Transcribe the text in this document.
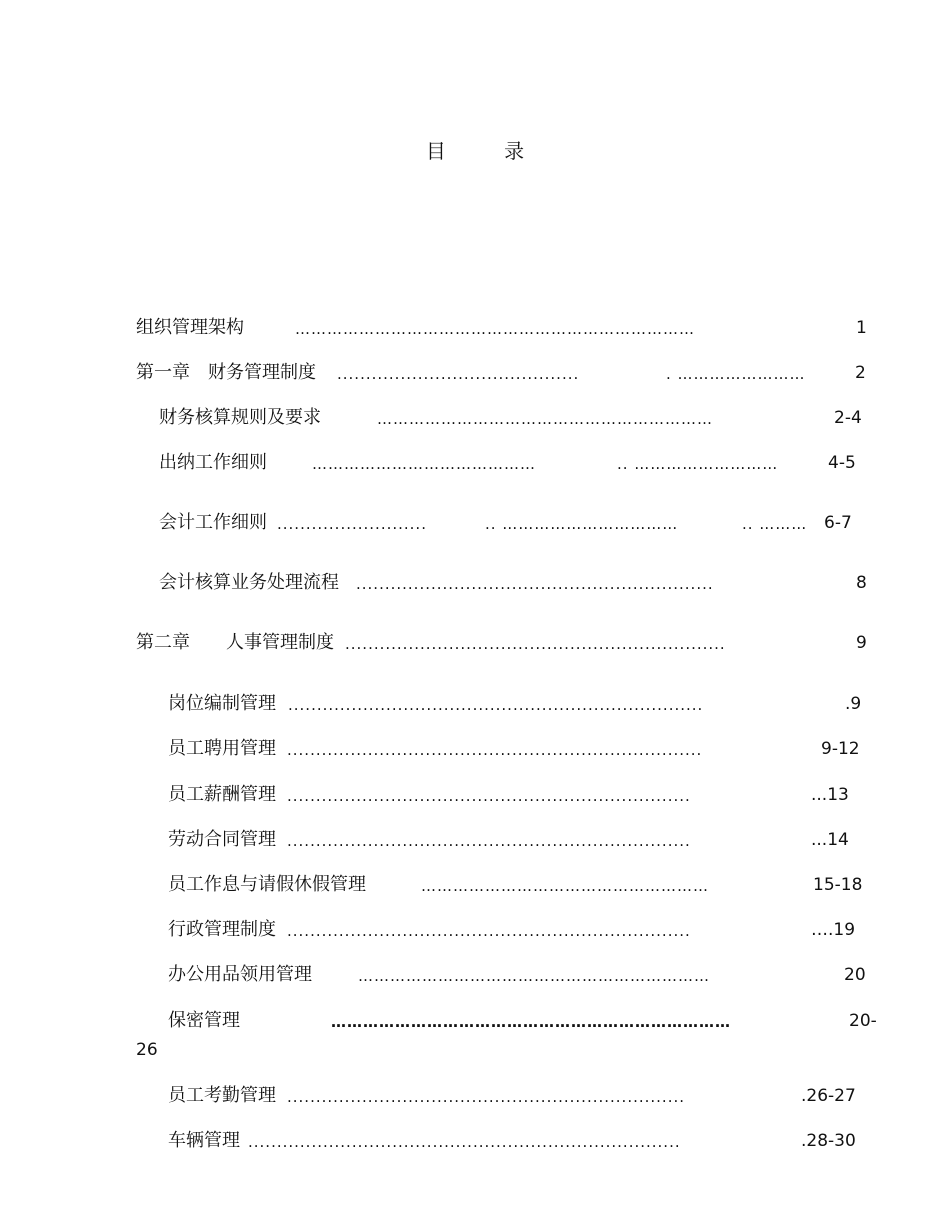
目 录
组织管理架构	…………………………………………………………………	1
第一章　财务管理制度 ..........................................	. ……………………	2
财务核算规则及要求	………………………………………………………	2-4
出纳工作细则	……………………………………	.. ………………………	4-5
会计工作细则 ..........................	.. ……………………………	.. ……… 6-7
会计核算业务处理流程 ..............................................................	8
第二章　　人事管理制度 ..................................................................	9
岗位编制管理 ........................................................................	.9
员工聘用管理 ........................................................................	9-12
员工薪酬管理 ......................................................................	...13
劳动合同管理 ......................................................................	...14
员工作息与请假休假管理	………………………………………………	15-18
行政管理制度 ......................................................................	….19
办公用品领用管理	…………………………………………………………	20
保密管理	…………………………………………………………………	20-
26
员工考勤管理 .....................................................................	.26-27
车辆管理 ...........................................................................	.28-30
